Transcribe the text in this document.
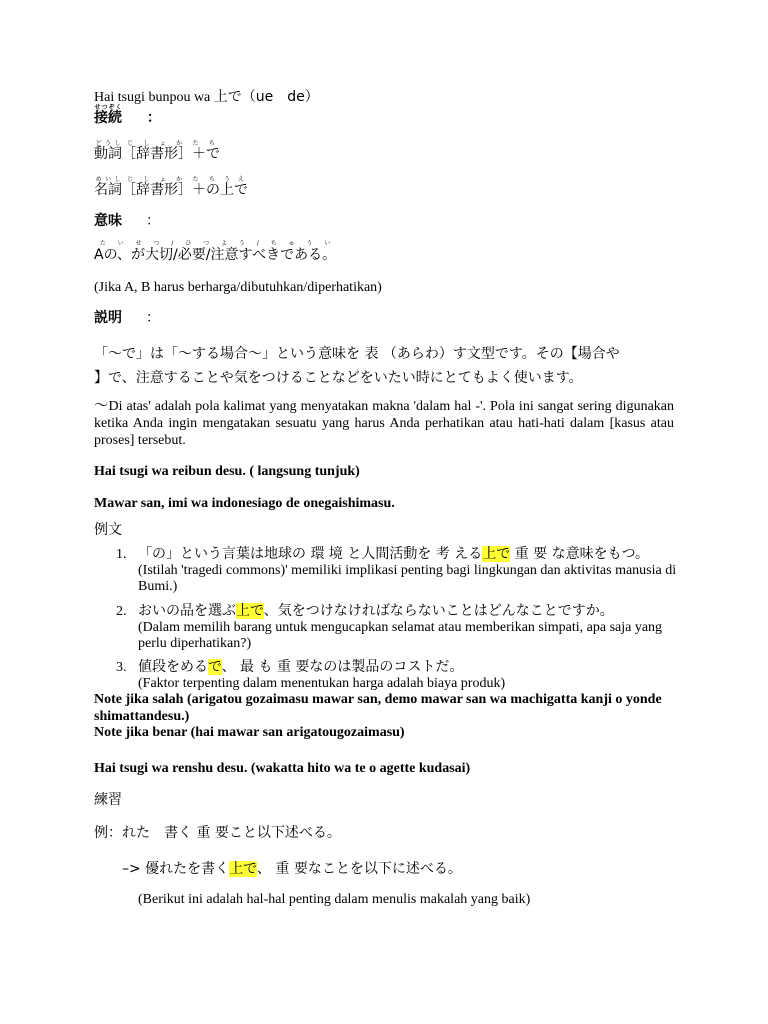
Hai tsugi bunpou wa 上で（ue　de）
接続せつぞく ：
動詞どうし［辞書形］＋でじしょかたち
名詞めいし［辞書形］＋のじしょかたち上でうえ
意味 ：
Aの、が大切/必要/注意すべきである。たいせつ/ひつよう/ちゅうい
(Jika A, B harus berharga/dibutuhkan/diperhatikan)
説明 ：
「～で」は「～する場合～」という意味を 表 （あらわ）す文型です。その【場合や
】で、注意することや気をつけることなどをいたい時にとてもよく使います。
～Di atas' adalah pola kalimat yang menyatakan makna 'dalam hal -'. Pola ini sangat sering digunakan ketika Anda ingin mengatakan sesuatu yang harus Anda perhatikan atau hati-hati dalam [kasus atau proses] tersebut.
Hai tsugi wa reibun desu. ( langsung tunjuk)
Mawar san, imi wa indonesiago de onegaishimasu.
例文
1. 「の」という言葉は地球の 環 境 と人間活動を 考 える上で 重 要 な意味をもつ。
(Istilah 'tragedi commons)' memiliki implikasi penting bagi lingkungan dan aktivitas manusia di Bumi.)
2. おいの品を選ぶ上で、気をつけなければならないことはどんなことですか。
(Dalam memilih barang untuk mengucapkan selamat atau memberikan simpati, apa saja yang perlu diperhatikan?)
3. 値段をめるで、 最 も 重 要なのは製品のコストだ。
(Faktor terpenting dalam menentukan harga adalah biaya produk)
Note jika salah (arigatou gozaimasu mawar san, demo mawar san wa machigatta kanji o yonde shimattandesu.)
Note jika benar (hai mawar san arigatougozaimasu)
Hai tsugi wa renshu desu. (wakatta hito wa te o agette kudasai)
練習
例：れた　書く 重 要こと以下述べる。
–> 優れたを書く上で、 重 要なことを以下に述べる。
(Berikut ini adalah hal-hal penting dalam menulis makalah yang baik)
